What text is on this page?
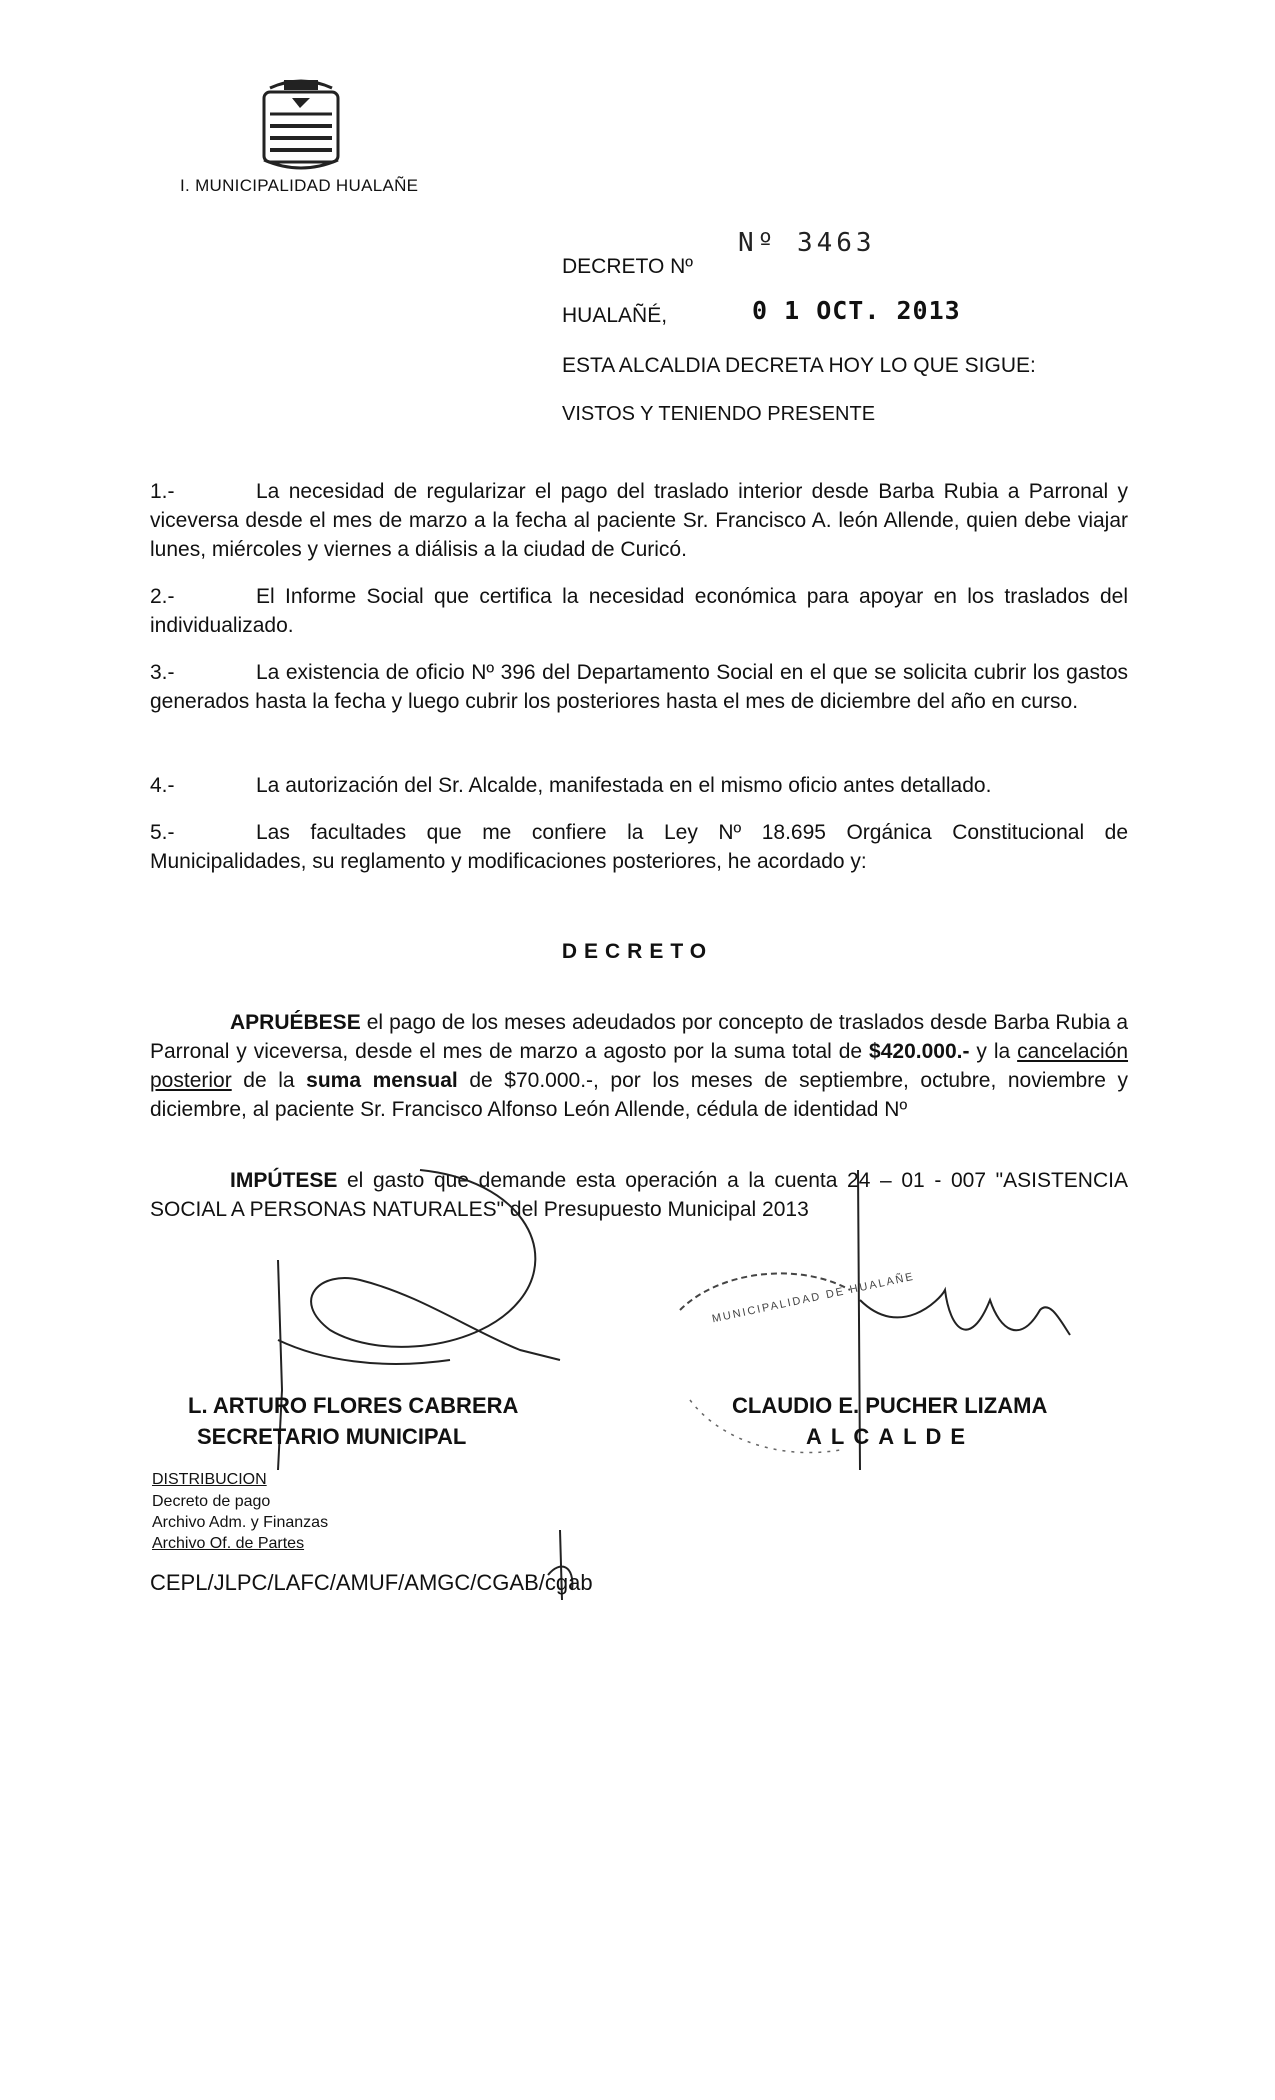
I. MUNICIPALIDAD HUALAÑE
DECRETO Nº
Nº 3463
HUALAÑÉ,	0 1 OCT. 2013
ESTA ALCALDIA DECRETA HOY LO QUE SIGUE:
VISTOS Y TENIENDO PRESENTE
1.-	La necesidad de regularizar el pago del traslado interior desde Barba Rubia a Parronal y viceversa desde el mes de marzo a la fecha al paciente Sr. Francisco A. león Allende, quien debe viajar lunes, miércoles y viernes a diálisis a la ciudad de Curicó.
2.-	El Informe Social que certifica la necesidad económica para apoyar en los traslados del individualizado.
3.-	La existencia de oficio Nº 396 del Departamento Social en el que se solicita cubrir los gastos generados hasta la fecha y luego cubrir los posteriores hasta el mes de diciembre del año en curso.
4.-	La autorización del Sr. Alcalde, manifestada en el mismo oficio antes detallado.
5.-	Las facultades que me confiere la Ley Nº 18.695 Orgánica Constitucional de Municipalidades, su reglamento y modificaciones posteriores, he acordado y:
DECRETO
APRUÉBESE el pago de los meses adeudados por concepto de traslados desde Barba Rubia a Parronal y viceversa, desde el mes de marzo a agosto por la suma total de $420.000.- y la cancelación posterior de la suma mensual de $70.000.-, por los meses de septiembre, octubre, noviembre y diciembre, al paciente Sr. Francisco Alfonso León Allende, cédula de identidad Nº
IMPÚTESE el gasto que demande esta operación a la cuenta 24 – 01 - 007 "ASISTENCIA SOCIAL A PERSONAS NATURALES" del Presupuesto Municipal 2013
MUNICIPALIDAD DE HUALAÑE
L. ARTURO FLORES CABRERA
SECRETARIO MUNICIPAL
CLAUDIO E. PUCHER LIZAMA
ALCALDE
DISTRIBUCION
Decreto de pago
Archivo Adm. y Finanzas
Archivo Of. de Partes
CEPL/JLPC/LAFC/AMUF/AMGC/CGAB/cgab
